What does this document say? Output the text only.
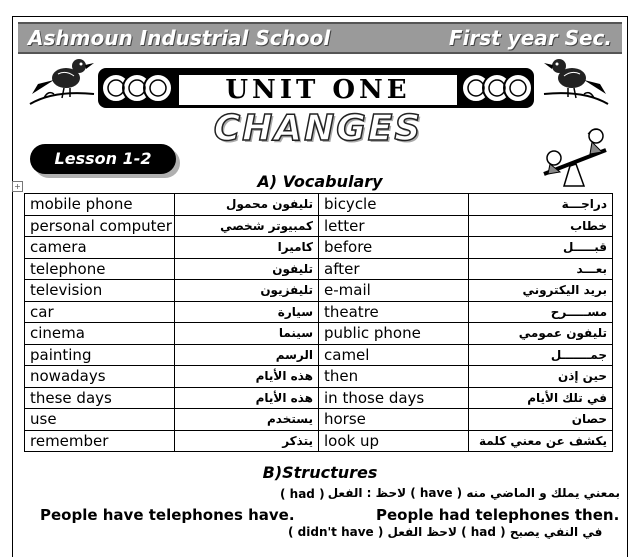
Ashmoun Industrial School	First year Sec.
UNIT ONE
CHANGES
Lesson 1-2
+	A) Vocabulary
mobile phone	تليفون محمول	bicycle	دراجـــة
personal computer	كمبيوتر شخصي	letter	خطاب
camera	كاميرا	before	قبـــــل
telephone	تليفون	after	بعـــد
television	تليفزيون	e-mail	بريد اليكتروني
car	سيارة	theatre	مســـــرح
cinema	سينما	public phone	تليفون عمومي
painting	الرسم	camel	جمـــــــل
nowadays	هذه الأيام	then	حين إذن
these days	هذه الأيام	in those days	في تلك الأيام
use	يستخدم	horse	حصان
remember	يتذكر	look up	يكشف عن معني كلمة
B)Structures

لاحظ : الفعل ( have ) بمعني يملك و الماضي منه

( had )

People have telephones have.	People had telephones then.

( didn't have ) لاحظ الفعل ( had ) في النفي يصبح
